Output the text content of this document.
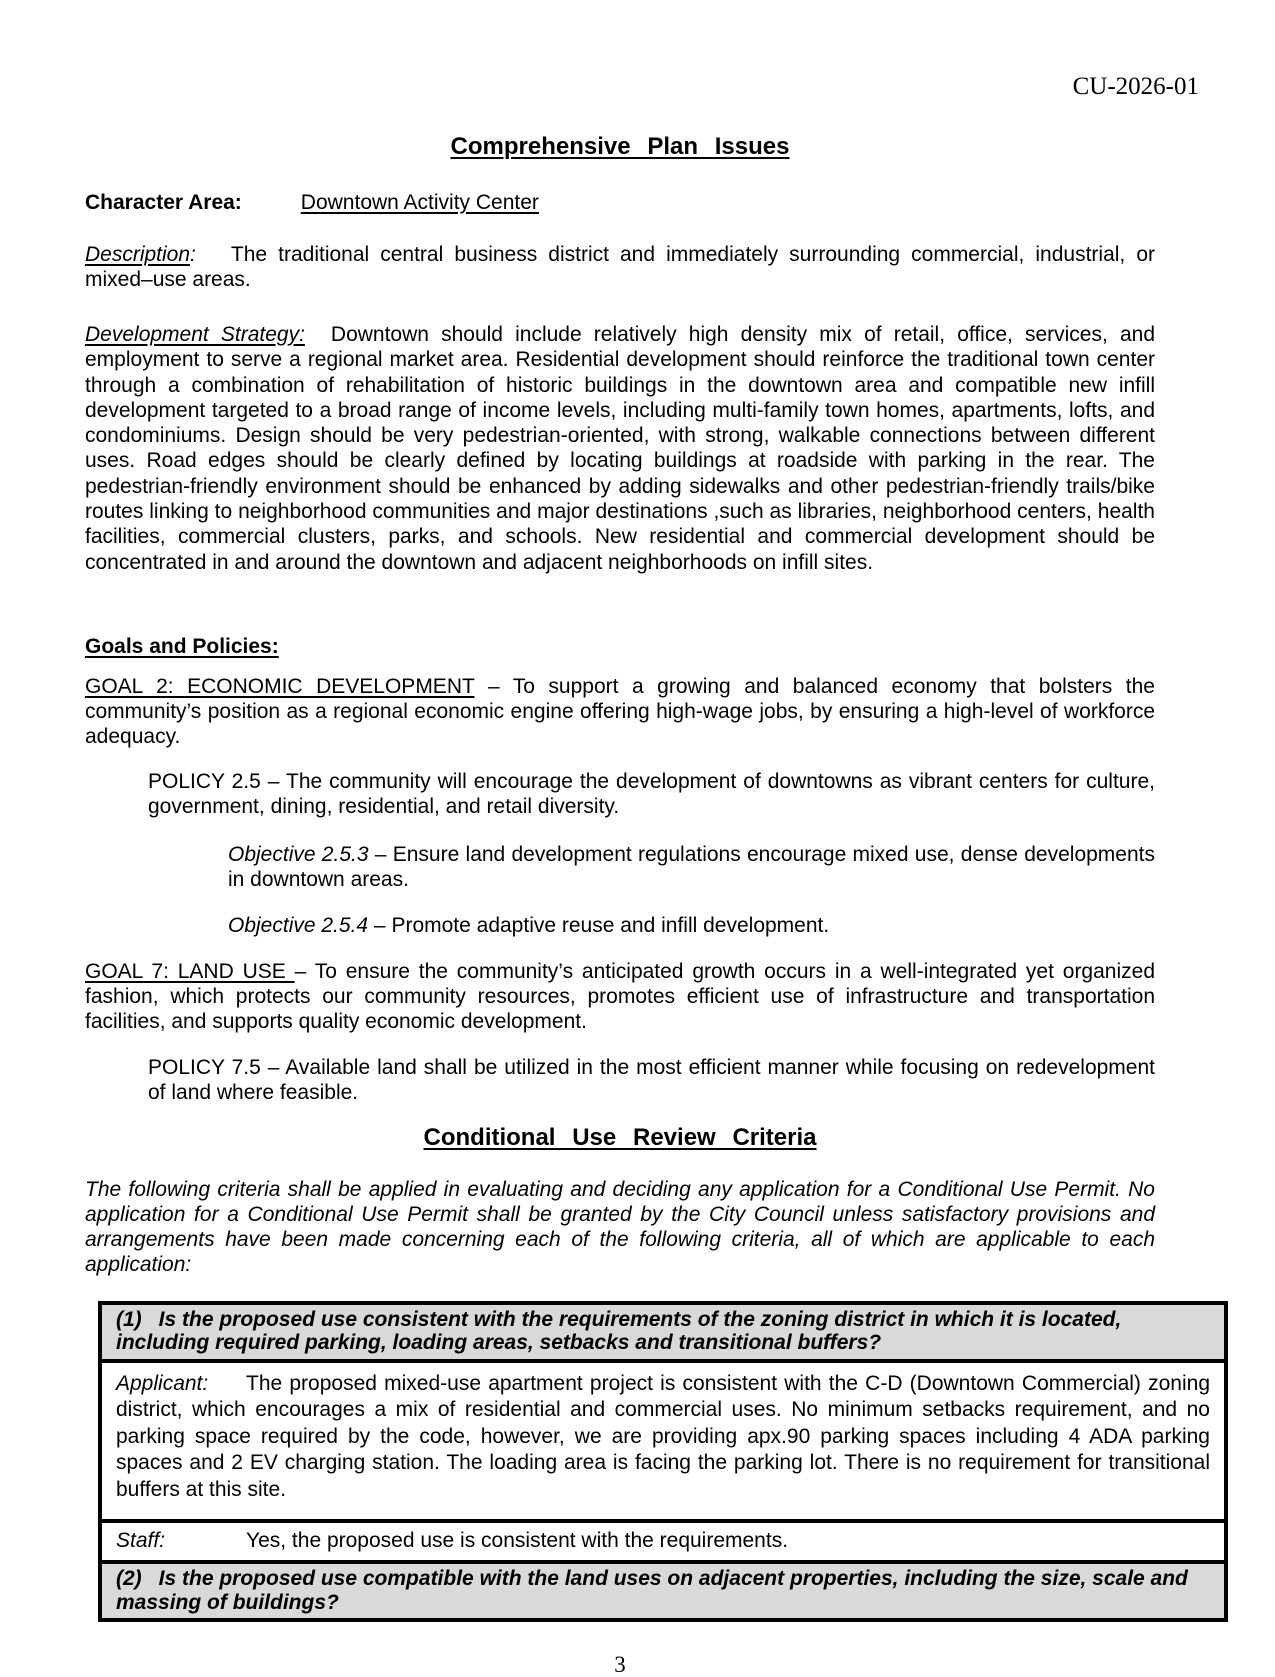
CU-2026-01
Comprehensive Plan Issues
Character Area:	Downtown Activity Center
Description: The traditional central business district and immediately surrounding commercial, industrial, or mixed–use areas.
Development Strategy: Downtown should include relatively high density mix of retail, office, services, and employment to serve a regional market area. Residential development should reinforce the traditional town center through a combination of rehabilitation of historic buildings in the downtown area and compatible new infill development targeted to a broad range of income levels, including multi-family town homes, apartments, lofts, and condominiums. Design should be very pedestrian-oriented, with strong, walkable connections between different uses. Road edges should be clearly defined by locating buildings at roadside with parking in the rear. The pedestrian-friendly environment should be enhanced by adding sidewalks and other pedestrian-friendly trails/bike routes linking to neighborhood communities and major destinations ,such as libraries, neighborhood centers, health facilities, commercial clusters, parks, and schools. New residential and commercial development should be concentrated in and around the downtown and adjacent neighborhoods on infill sites.
Goals and Policies:
GOAL 2: ECONOMIC DEVELOPMENT – To support a growing and balanced economy that bolsters the community’s position as a regional economic engine offering high-wage jobs, by ensuring a high-level of workforce adequacy.
POLICY 2.5 – The community will encourage the development of downtowns as vibrant centers for culture, government, dining, residential, and retail diversity.
Objective 2.5.3 – Ensure land development regulations encourage mixed use, dense developments in downtown areas.
Objective 2.5.4 – Promote adaptive reuse and infill development.
GOAL 7: LAND USE – To ensure the community’s anticipated growth occurs in a well-integrated yet organized fashion, which protects our community resources, promotes efficient use of infrastructure and transportation facilities, and supports quality economic development.
POLICY 7.5 – Available land shall be utilized in the most efficient manner while focusing on redevelopment of land where feasible.
Conditional Use Review Criteria
The following criteria shall be applied in evaluating and deciding any application for a Conditional Use Permit. No application for a Conditional Use Permit shall be granted by the City Council unless satisfactory provisions and arrangements have been made concerning each of the following criteria, all of which are applicable to each application:
(1) Is the proposed use consistent with the requirements of the zoning district in which it is located, including required parking, loading areas, setbacks and transitional buffers?
Applicant: The proposed mixed-use apartment project is consistent with the C-D (Downtown Commercial) zoning district, which encourages a mix of residential and commercial uses. No minimum setbacks requirement, and no parking space required by the code, however, we are providing apx.90 parking spaces including 4 ADA parking spaces and 2 EV charging station. The loading area is facing the parking lot. There is no requirement for transitional buffers at this site.
Staff:	Yes, the proposed use is consistent with the requirements.
(2) Is the proposed use compatible with the land uses on adjacent properties, including the size, scale and massing of buildings?
3
